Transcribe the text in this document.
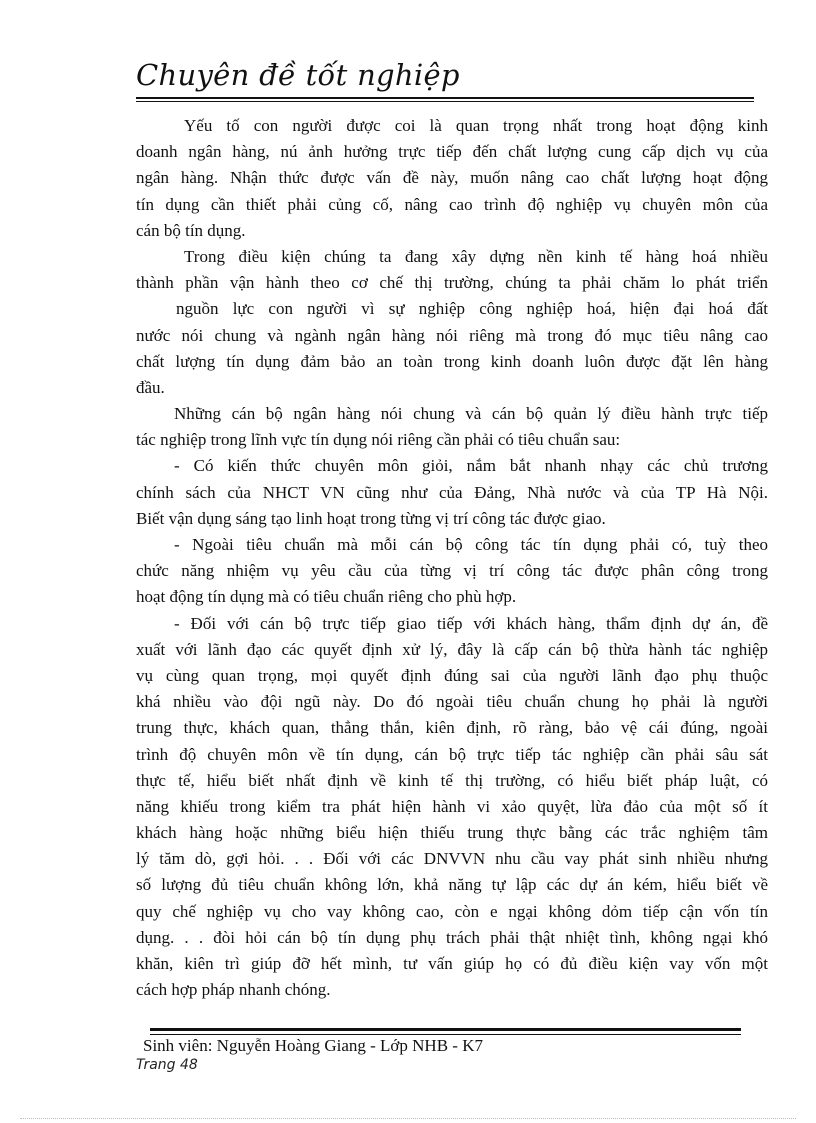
Chuyên đề tốt nghiệp
Yếu tố con người được coi là quan trọng nhất trong hoạt động kinh
doanh ngân hàng, nú ảnh hưởng trực tiếp đến chất lượng cung cấp dịch vụ của
ngân hàng. Nhận thức được vấn đề này, muốn nâng cao chất lượng hoạt động
tín dụng cần thiết phải củng cố, nâng cao trình độ nghiệp vụ chuyên môn của
cán bộ tín dụng.
Trong điều kiện chúng ta đang xây dựng nền kinh tế hàng hoá nhiều
thành phần vận hành theo cơ chế thị trường, chúng ta phải chăm lo phát triển
nguồn lực con người vì sự nghiệp công nghiệp hoá, hiện đại hoá đất
nước nói chung và ngành ngân hàng nói riêng mà trong đó mục tiêu nâng cao
chất lượng tín dụng đảm bảo an toàn trong kinh doanh luôn được đặt lên hàng
đầu.
Những cán bộ ngân hàng nói chung và cán bộ quản lý điều hành trực tiếp
tác nghiệp trong lĩnh vực tín dụng nói riêng cần phải có tiêu chuẩn sau:
- Có kiến thức chuyên môn giỏi, nắm bắt nhanh nhạy các chủ trương
chính sách của NHCT VN cũng như của Đảng, Nhà nước và của TP Hà Nội.
Biết vận dụng sáng tạo linh hoạt trong từng vị trí công tác được giao.
- Ngoài tiêu chuẩn mà mỗi cán bộ công tác tín dụng phải có, tuỳ theo
chức năng nhiệm vụ yêu cầu của từng vị trí công tác được phân công trong
hoạt động tín dụng mà có tiêu chuẩn riêng cho phù hợp.
- Đối với cán bộ trực tiếp giao tiếp với khách hàng, thẩm định dự án, đề
xuất với lãnh đạo các quyết định xử lý, đây là cấp cán bộ thừa hành tác nghiệp
vụ cùng quan trọng, mọi quyết định đúng sai của người lãnh đạo phụ thuộc
khá nhiều vào đội ngũ này. Do đó ngoài tiêu chuẩn chung họ phải là người
trung thực, khách quan, thẳng thắn, kiên định, rõ ràng, bảo vệ cái đúng, ngoài
trình độ chuyên môn về tín dụng, cán bộ trực tiếp tác nghiệp cần phải sâu sát
thực tế, hiểu biết nhất định về kinh tế thị trường, có hiểu biết pháp luật, có
năng khiếu trong kiểm tra phát hiện hành vi xảo quyệt, lừa đảo của một số ít
khách hàng hoặc những biểu hiện thiếu trung thực bằng các trắc nghiệm tâm
lý tăm dò, gợi hỏi. . . Đối với các DNVVN nhu cầu vay phát sinh nhiều nhưng
số lượng đủ tiêu chuẩn không lớn, khả năng tự lập các dự án kém, hiểu biết về
quy chế nghiệp vụ cho vay không cao, còn e ngại không dỏm tiếp cận vốn tín
dụng. . . đòi hỏi cán bộ tín dụng phụ trách phải thật nhiệt tình, không ngại khó
khăn, kiên trì giúp đỡ hết mình, tư vấn giúp họ có đủ điều kiện vay vốn một
cách hợp pháp nhanh chóng.
Sinh viên: Nguyễn Hoàng Giang - Lớp NHB - K7
Trang 48
